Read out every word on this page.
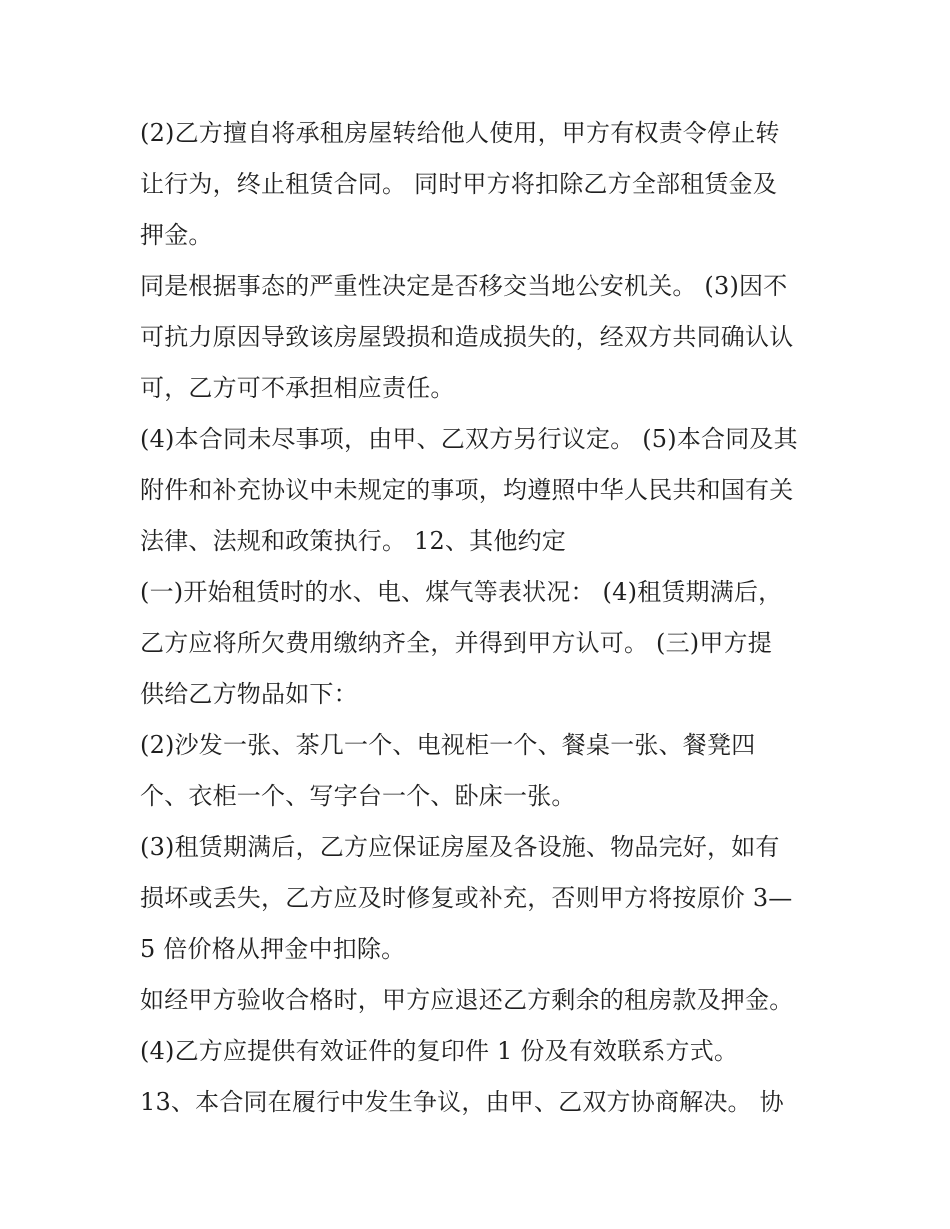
(2)乙方擅自将承租房屋转给他人使用，甲方有权责令停止转
让行为，终止租赁合同。 同时甲方将扣除乙方全部租赁金及
押金。
同是根据事态的严重性决定是否移交当地公安机关。 (3)因不
可抗力原因导致该房屋毁损和造成损失的，经双方共同确认认
可，乙方可不承担相应责任。
(4)本合同未尽事项，由甲、乙双方另行议定。 (5)本合同及其
附件和补充协议中未规定的事项，均遵照中华人民共和国有关
法律、法规和政策执行。 12、其他约定
(一)开始租赁时的水、电、煤气等表状况： (4)租赁期满后，
乙方应将所欠费用缴纳齐全，并得到甲方认可。 (三)甲方提
供给乙方物品如下：
(2)沙发一张、茶几一个、电视柜一个、餐桌一张、餐凳四
个、衣柜一个、写字台一个、卧床一张。
(3)租赁期满后，乙方应保证房屋及各设施、物品完好，如有
损坏或丢失，乙方应及时修复或补充，否则甲方将按原价 3—
5 倍价格从押金中扣除。
如经甲方验收合格时，甲方应退还乙方剩余的租房款及押金。
(4)乙方应提供有效证件的复印件 1 份及有效联系方式。
13、本合同在履行中发生争议，由甲、乙双方协商解决。 协
